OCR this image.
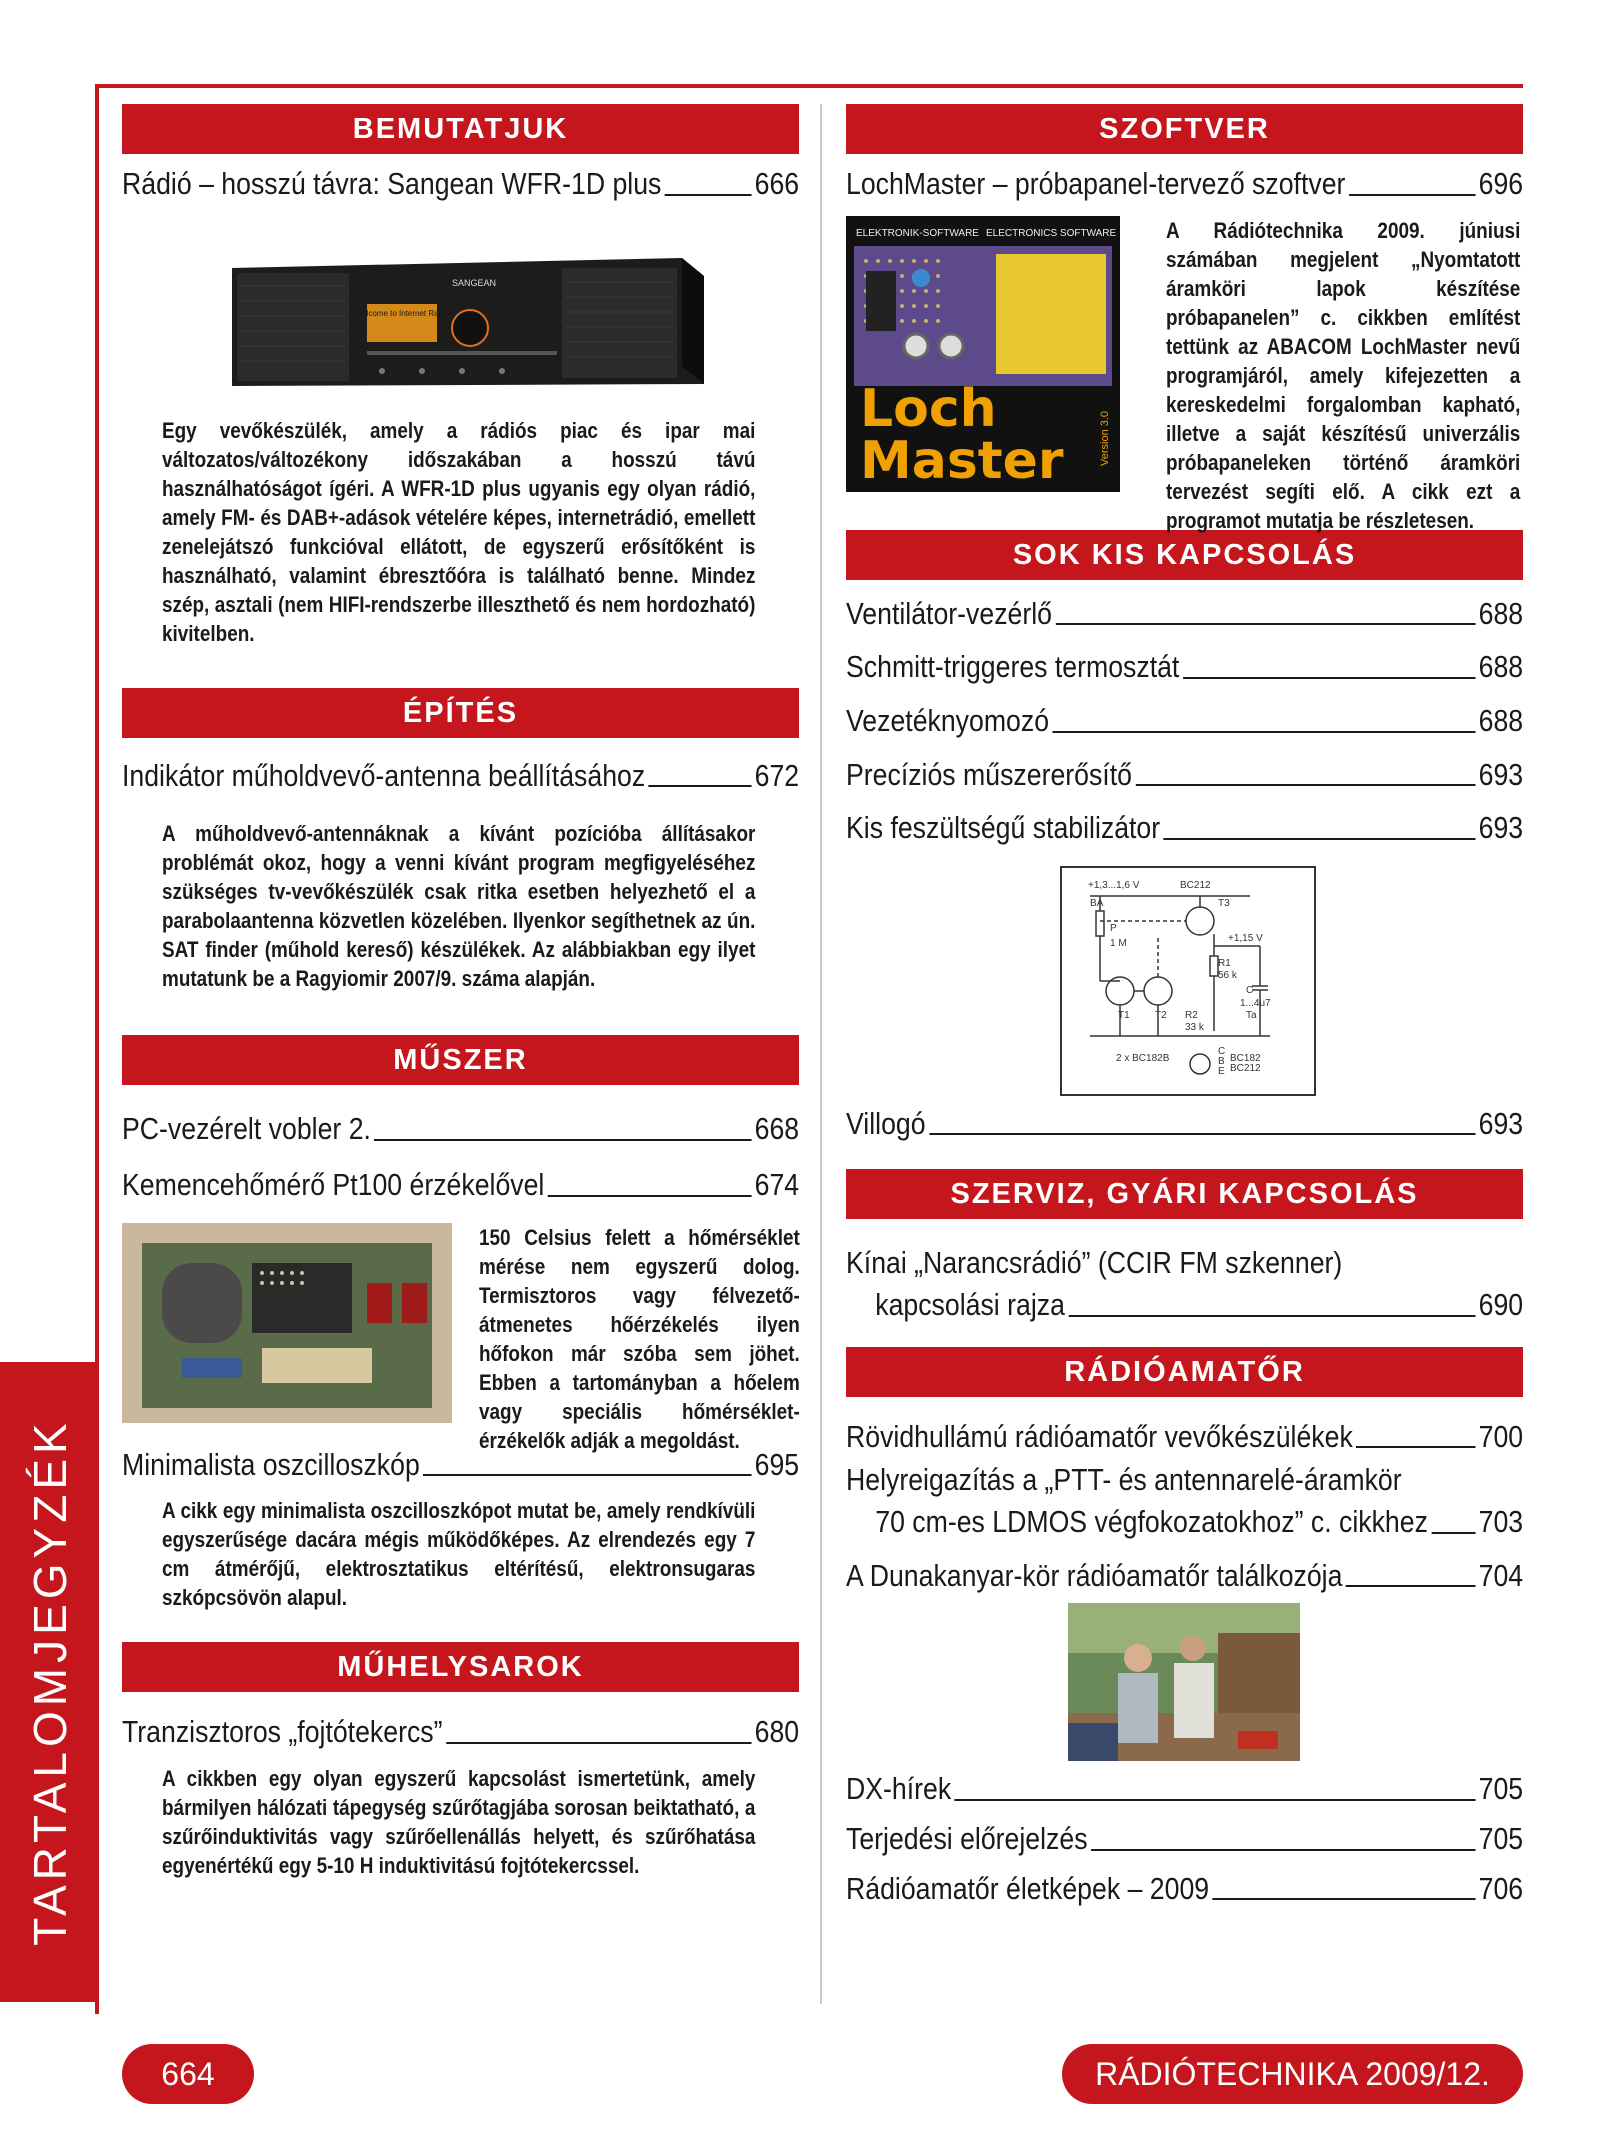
TARTALOMJEGYZÉK
BEMUTATJUK
Rádió – hosszú távra: Sangean WFR-1D plus	666
Welcome to Internet Radio
SANGEAN
Egy vevőkészülék, amely a rádiós piac és ipar mai változatos/változékony időszakában a hosszú távú használhatóságot ígéri. A WFR-1D plus ugyanis egy olyan rádió, amely FM- és DAB+-adások vételére képes, internetrádió, emellett zenelejátszó funkcióval ellátott, de egyszerű erősítőként is használható, valamint ébresztőóra is található benne. Mindez szép, asztali (nem HIFI-rendszerbe illeszthető és nem hordozható) kivitelben.
ÉPÍTÉS
Indikátor műholdvevő-antenna beállításához	672
A műholdvevő-antennáknak a kívánt pozícióba állításakor problémát okoz, hogy a venni kívánt program megfigyeléséhez szükséges tv-vevőkészülék csak ritka esetben helyezhető el a parabolaantenna közvetlen közelében. Ilyenkor segíthetnek az ún. SAT finder (műhold kereső) készülékek. Az alábbiakban egy ilyet mutatunk be a Ragyiomir 2007/9. száma alapján.
MŰSZER
PC-vezérelt vobler 2.	668
Kemencehőmérő Pt100 érzékelővel	674
150 Celsius felett a hőmérséklet mérése nem egyszerű dolog. Termisztoros vagy félvezető-átmenetes hőérzékelés ilyen hőfokon már szóba sem jöhet. Ebben a tartományban a hőelem vagy speciális hőmérséklet-érzékelők adják a megoldást.
Minimalista oszcilloszkóp	695
A cikk egy minimalista oszcilloszkópot mutat be, amely rendkívüli egyszerűsége dacára mégis működőképes. Az elrendezés egy 7 cm átmérőjű, elektrosztatikus eltérítésű, elektronsugaras szkópcsövön alapul.
MŰHELYSAROK
Tranzisztoros „fojtótekercs”	680
A cikkben egy olyan egyszerű kapcsolást ismertetünk, amely bármilyen hálózati tápegység szűrőtagjába sorosan beiktatható, a szűrőinduktivitás vagy szűrőellenállás helyett, és szűrőhatása egyenértékű egy 5-10 H induktivitású fojtótekercssel.
SZOFTVER
LochMaster – próbapanel-tervező szoftver	696
ELEKTRONIK-SOFTWARE ELECTRONICS SOFTWARE
Loch
Master	Version 3.0
A Rádiótechnika 2009. júniusi számában megjelent „Nyomtatott áramköri lapok készítése próbapanelen” c. cikkben említést tettünk az ABACOM LochMaster nevű programjáról, amely kifejezetten a kereskedelmi forgalomban kapható, illetve a saját készítésű univerzális próbapaneleken történő áramköri tervezést segíti elő. A cikk ezt a programot mutatja be részletesen.
SOK KIS KAPCSOLÁS
Ventilátor-vezérlő	688
Schmitt-triggeres termosztát	688
Vezetéknyomozó	688
Precíziós műszererősítő	693
Kis feszültségű stabilizátor	693
+1,3...1,6 V	BC212
BA	T3
P
1 M	+1,15 V
R1
56 k
C
1...4u7
Ta
T1	T2 R2
33 k
2 x BC182B
C
B
E
BC182
BC212
Villogó	693
SZERVIZ, GYÁRI KAPCSOLÁS
Kínai „Narancsrádió” (CCIR FM szkenner)
kapcsolási rajza	690
RÁDIÓAMATŐR
Rövidhullámú rádióamatőr vevőkészülékek	700
Helyreigazítás a „PTT- és antennarelé-áramkör
70 cm-es LDMOS végfokozatokhoz” c. cikkhez 703
A Dunakanyar-kör rádióamatőr találkozója	704
DX-hírek	705
Terjedési előrejelzés	705
Rádióamatőr életképek – 2009	706
664	RÁDIÓTECHNIKA 2009/12.
